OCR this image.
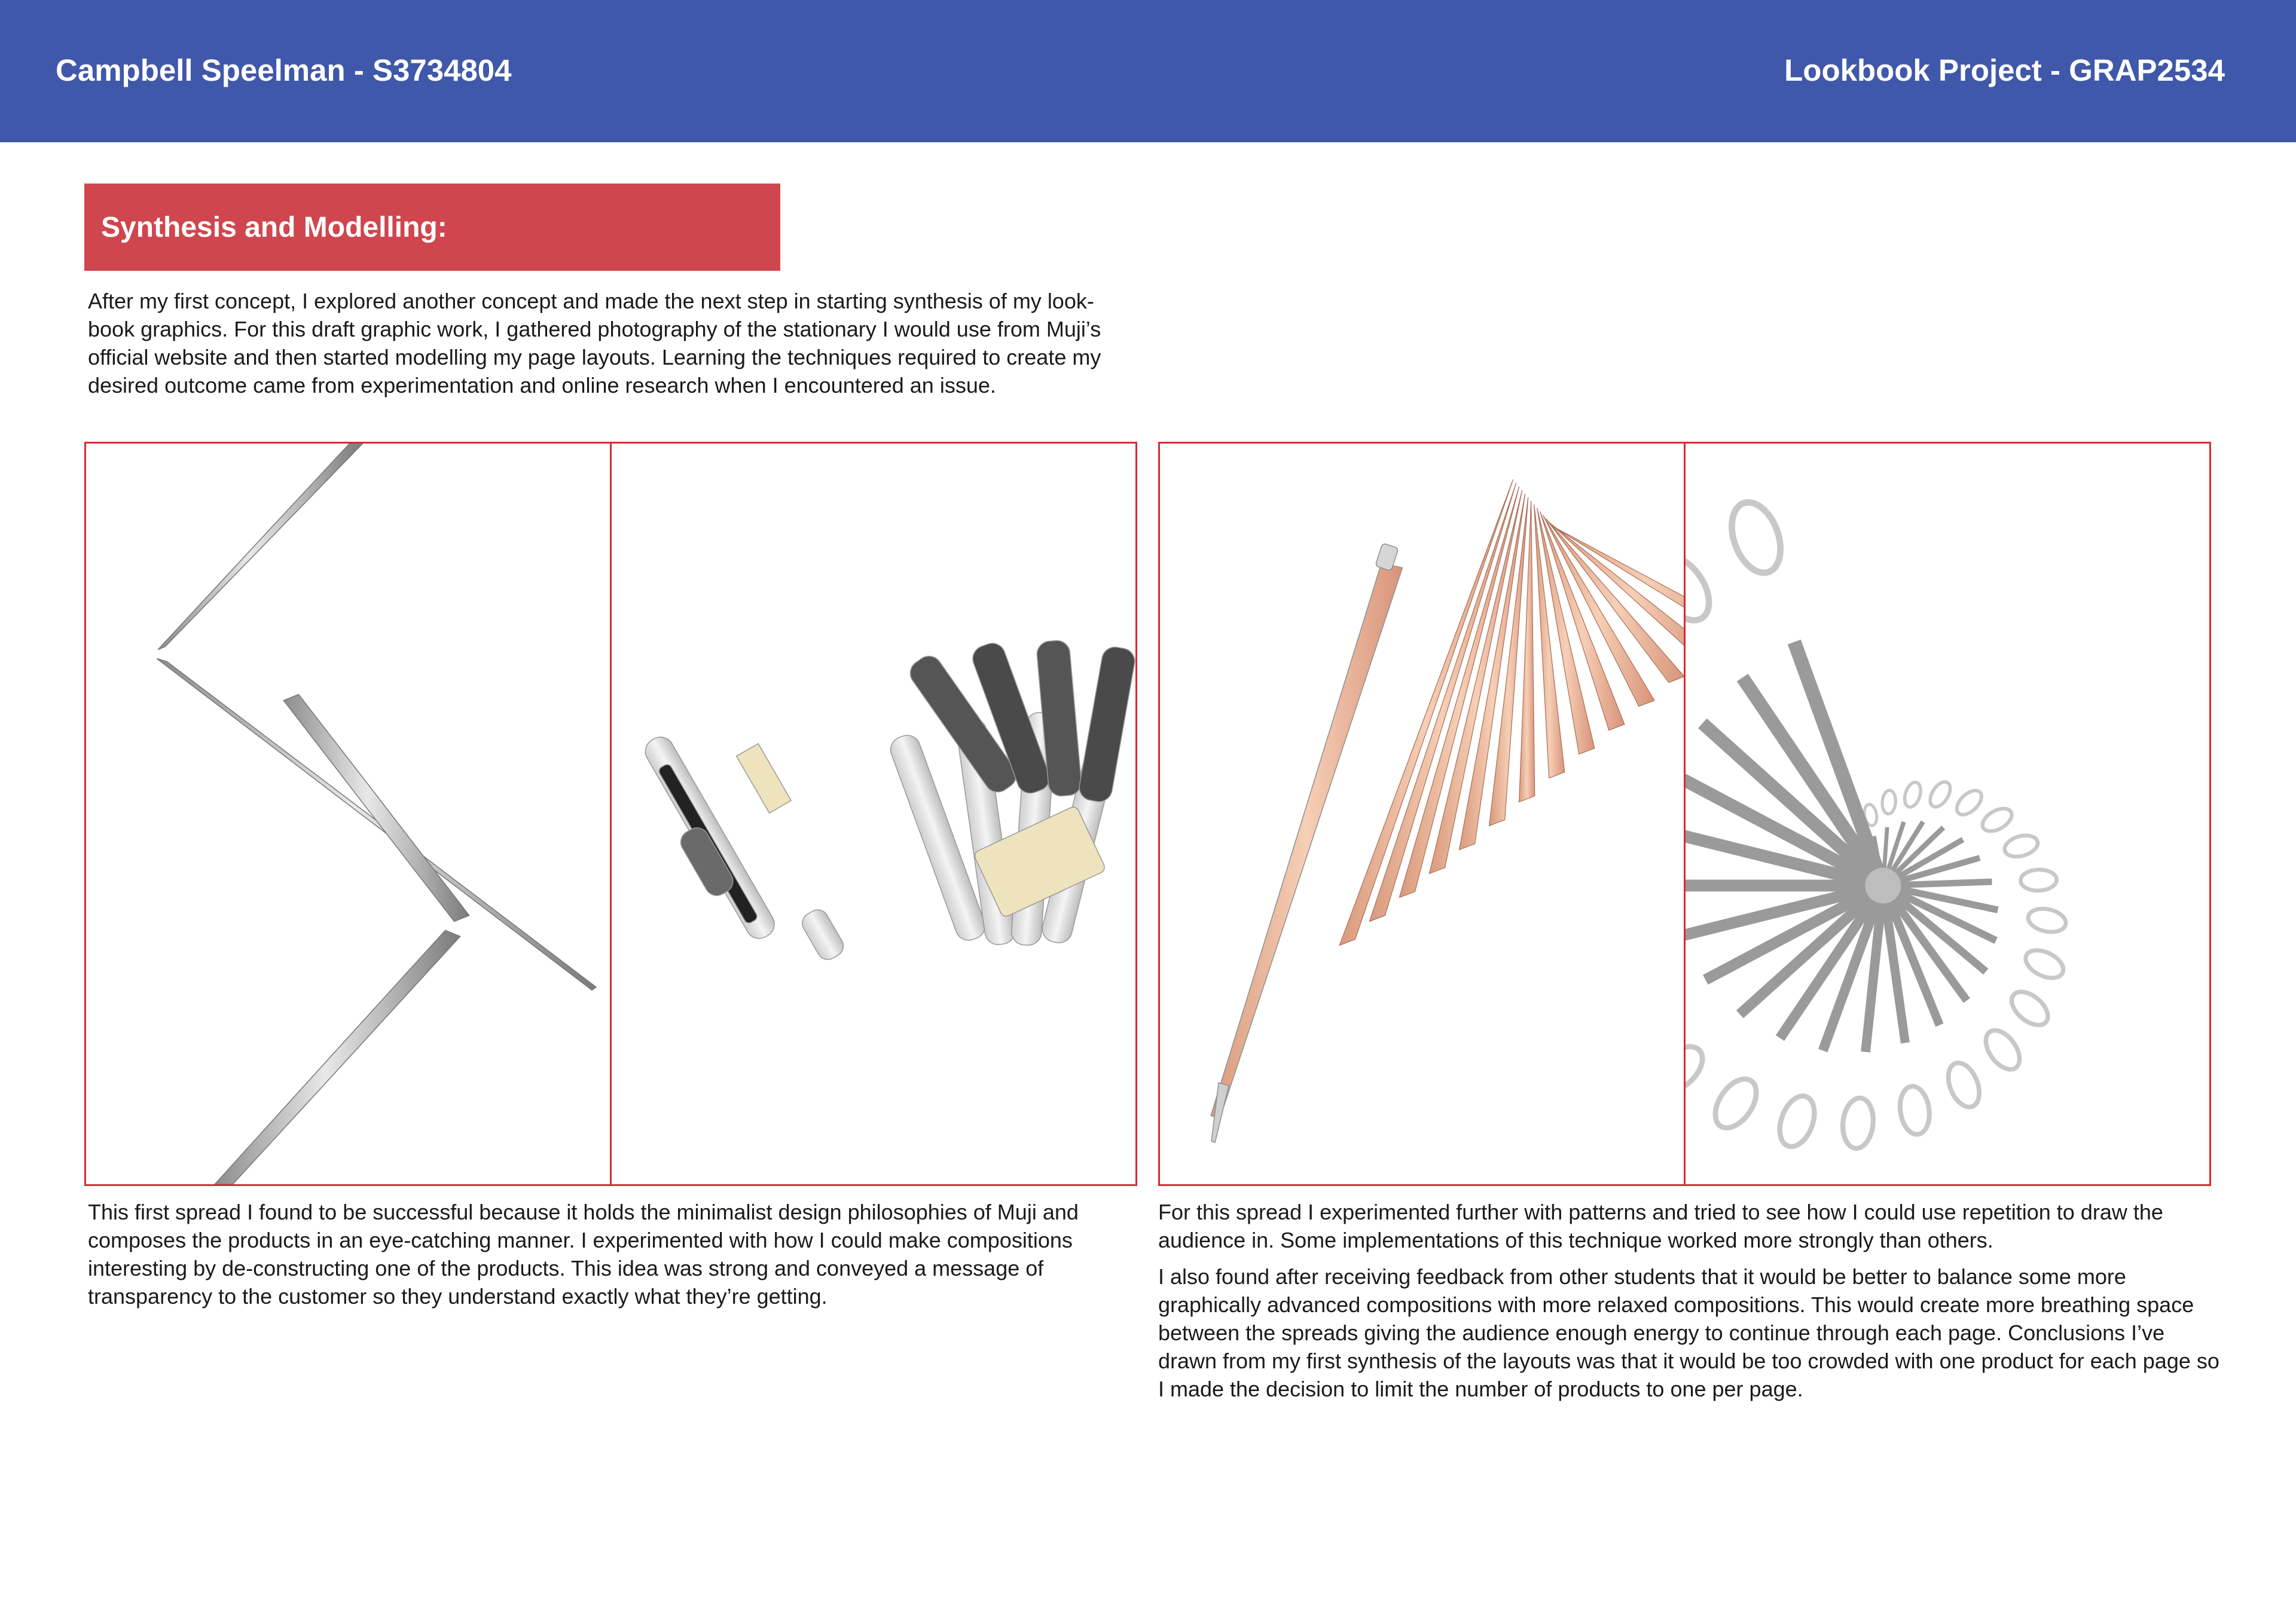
Campbell Speelman - S3734804	Lookbook Project - GRAP2534
Synthesis and Modelling:

After my first concept, I explored another concept and made the next step in starting synthesis of my look-book graphics. For this draft graphic work, I gathered photography of the stationary I would use from Muji’s official website and then started modelling my page layouts. Learning the techniques required to create my desired outcome came from experimentation and online research when I encountered an issue.

This first spread I found to be successful because it holds the minimalist design philosophies of Muji and composes the products in an eye-catching manner. I experimented with how I could make compositions interesting by de-constructing one of the products. This idea was strong and conveyed a message of transparency to the customer so they understand exactly what they’re getting.

For this spread I experimented further with patterns and tried to see how I could use repetition to draw the audience in. Some implementations of this technique worked more strongly than others.

I also found after receiving feedback from other students that it would be better to balance some more graphically advanced compositions with more relaxed compositions. This would create more breathing space between the spreads giving the audience enough energy to continue through each page. Conclusions I’ve drawn from my first synthesis of the layouts was that it would be too crowded with one product for each page so I made the decision to limit the number of products to one per page.
